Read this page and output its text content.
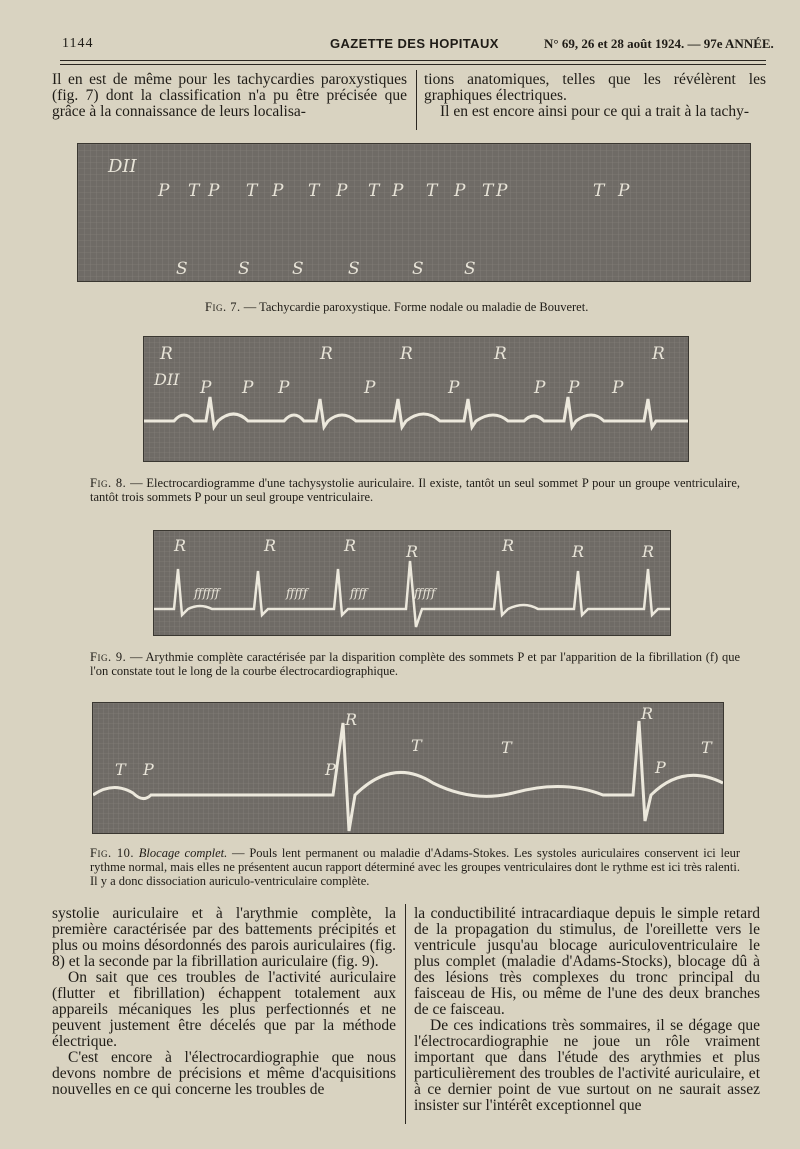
1144	GAZETTE DES HOPITAUX	N° 69, 26 et 28 août 1924. — 97e ANNÉE.

Il en est de même pour les tachycardies paroxystiques (fig. 7) dont la classification n'a pu être précisée que grâce à la connaissance de leurs localisa-

tions anatomiques, telles que les révélèrent les graphiques électriques.

Il en est encore ainsi pour ce qui a trait à la tachy-

DII
P T P T P T P T P T P T P	T P
S	S S	S	S S
Fig. 7. — Tachycardie paroxystique. Forme nodale ou maladie de Bouveret.
DII
R	R	R	R	R
P P P	P	P	P P P
Fig. 8. — Electrocardiogramme d'une tachysystolie auriculaire. Il existe, tantôt un seul sommet P pour un groupe ventriculaire, tantôt trois sommets P pour un seul groupe ventriculaire.
R	R	R	R	R	R	R
ffffff	fffff	ffff	fffff
Fig. 9. — Arythmie complète caractérisée par la disparition complète des sommets P et par l'apparition de la fibrillation (f) que l'on constate tout le long de la courbe électrocardiographique.
R	R
T
T	T	T
P	P	P
Fig. 10. Blocage complet. — Pouls lent permanent ou maladie d'Adams-Stokes. Les systoles auriculaires conservent ici leur rythme normal, mais elles ne présentent aucun rapport déterminé avec les groupes ventriculaires dont le rythme est ici très ralenti. Il y a donc dissociation auriculo-ventriculaire complète.

systolie auriculaire et à l'arythmie complète, la première caractérisée par des battements précipités et plus ou moins désordonnés des parois auriculaires (fig. 8) et la seconde par la fibrillation auriculaire (fig. 9).

On sait que ces troubles de l'activité auriculaire (flutter et fibrillation) échappent totalement aux appareils mécaniques les plus perfectionnés et ne peuvent justement être décelés que par la méthode électrique.

C'est encore à l'électrocardiographie que nous devons nombre de précisions et même d'acquisitions nouvelles en ce qui concerne les troubles de

la conductibilité intracardiaque depuis le simple retard de la propagation du stimulus, de l'oreillette vers le ventricule jusqu'au blocage auriculoventriculaire le plus complet (maladie d'Adams-Stocks), blocage dû à des lésions très complexes du tronc principal du faisceau de His, ou même de l'une des deux branches de ce faisceau.

De ces indications très sommaires, il se dégage que l'électrocardiographie ne joue un rôle vraiment important que dans l'étude des arythmies et plus particulièrement des troubles de l'activité auriculaire, et à ce dernier point de vue surtout on ne saurait assez insister sur l'intérêt exceptionnel que
